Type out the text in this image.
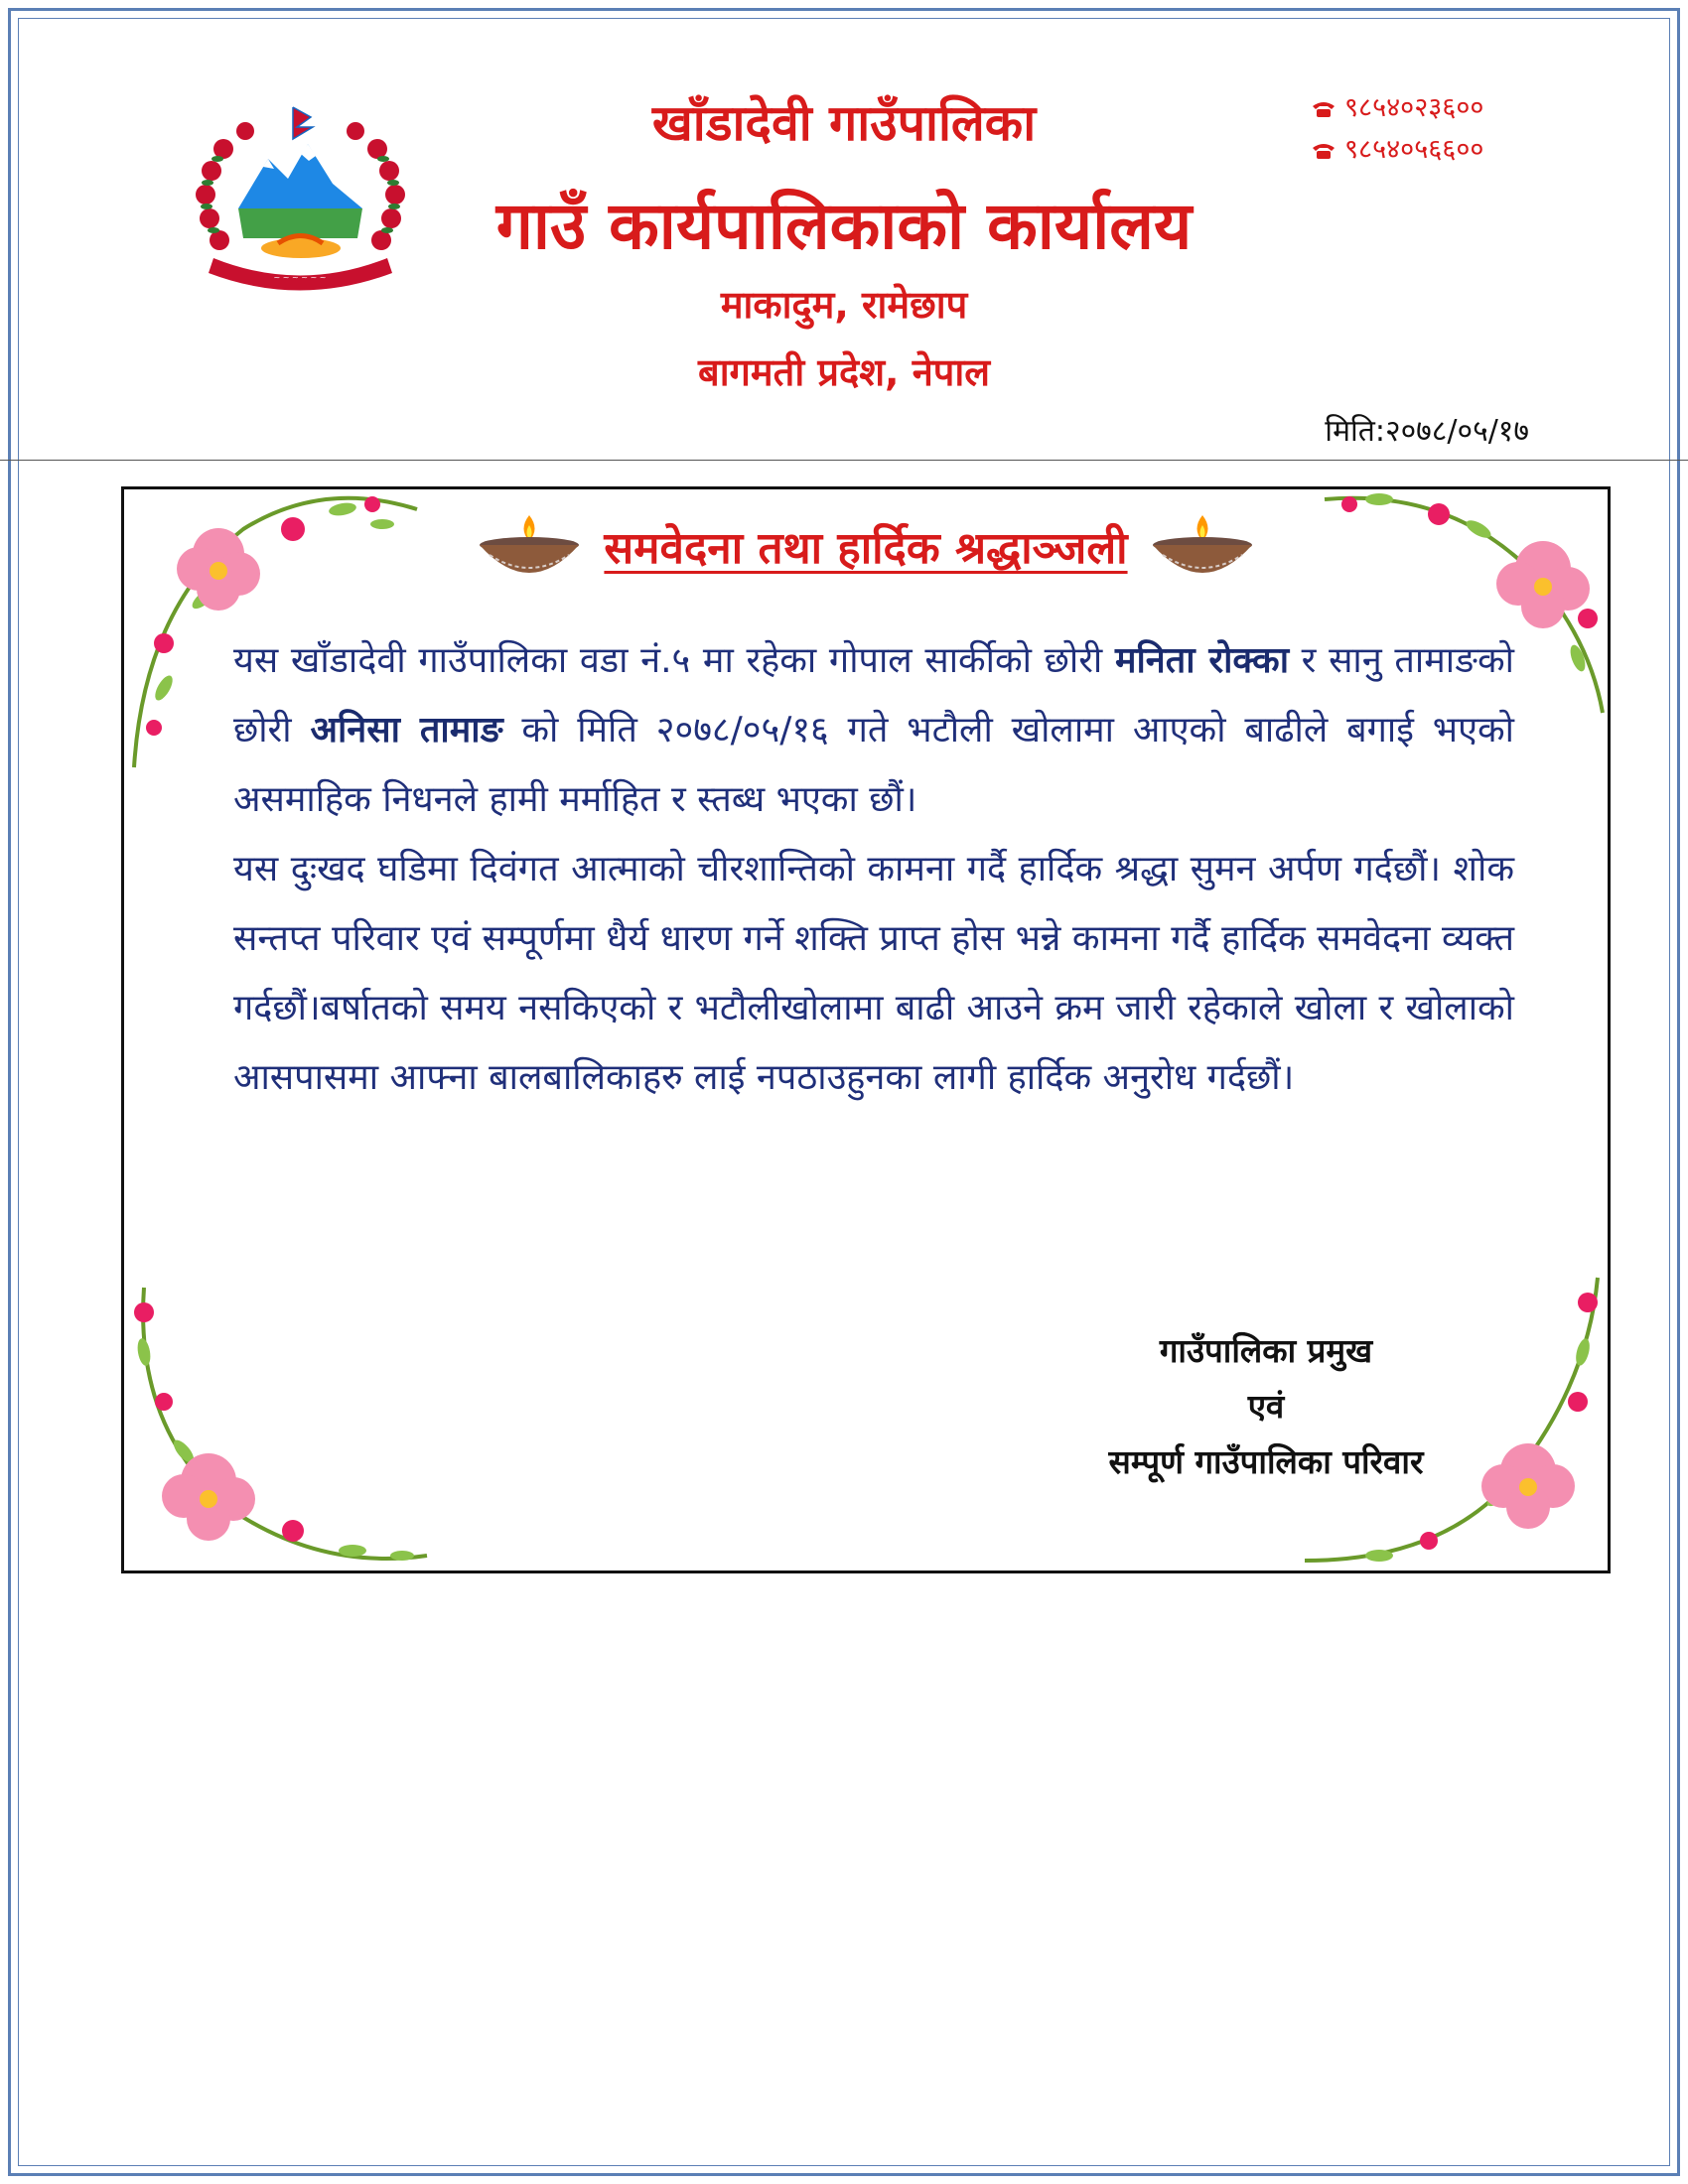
~ ~ ~ ~ ~ ~
खाँडादेवी गाउँपालिका
गाउँ कार्यपालिकाको कार्यालय
माकादुम, रामेछाप
बागमती प्रदेश, नेपाल
९८५४०२३६००
९८५४०५६६००
मिति:२०७८/०५/१७
समवेदना तथा हार्दिक श्रद्धाञ्जली

यस खाँडादेवी गाउँपालिका वडा नं.५ मा रहेका गोपाल सार्कीको छोरी मनिता रोक्का र सानु तामाङको छोरी अनिसा तामाङ को मिति २०७८/०५/१६ गते भटौली खोलामा आएको बाढीले बगाई भएको असमाहिक निधनले हामी मर्माहित र स्तब्ध भएका छौं।

यस दुःखद घडिमा दिवंगत आत्माको चीरशान्तिको कामना गर्दै हार्दिक श्रद्धा सुमन अर्पण गर्दछौं। शोक सन्तप्त परिवार एवं सम्पूर्णमा धैर्य धारण गर्ने शक्ति प्राप्त होस भन्ने कामना गर्दै हार्दिक समवेदना व्यक्त गर्दछौं।बर्षातको समय नसकिएको र भटौलीखोलामा बाढी आउने क्रम जारी रहेकाले खोला र खोलाको आसपासमा आफ्ना बालबालिकाहरु लाई नपठाउहुनका लागी हार्दिक अनुरोध गर्दछौं।

गाउँपालिका प्रमुख
एवं
सम्पूर्ण गाउँपालिका परिवार
